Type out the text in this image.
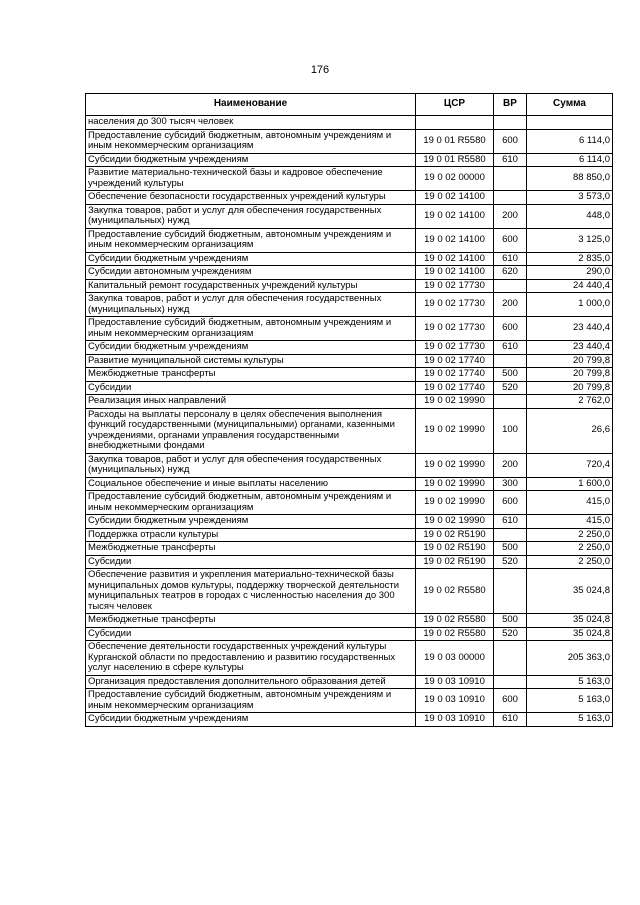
176
Наименование	ЦСР	ВР	Сумма
населения до 300 тысяч человек			
Предоставление субсидий бюджетным, автономным учреждениям и иным некоммерческим организациям	19 0 01 R5580	600	6 114,0
Субсидии бюджетным учреждениям	19 0 01 R5580	610	6 114,0
Развитие материально-технической базы и кадровое обеспечение учреждений культуры	19 0 02 00000		88 850,0
Обеспечение безопасности государственных учреждений культуры	19 0 02 14100		3 573,0
Закупка товаров, работ и услуг для обеспечения государственных (муниципальных) нужд	19 0 02 14100	200	448,0
Предоставление субсидий бюджетным, автономным учреждениям и иным некоммерческим организациям	19 0 02 14100	600	3 125,0
Субсидии бюджетным учреждениям	19 0 02 14100	610	2 835,0
Субсидии автономным учреждениям	19 0 02 14100	620	290,0
Капитальный ремонт государственных учреждений культуры	19 0 02 17730		24 440,4
Закупка товаров, работ и услуг для обеспечения государственных (муниципальных) нужд	19 0 02 17730	200	1 000,0
Предоставление субсидий бюджетным, автономным учреждениям и иным некоммерческим организациям	19 0 02 17730	600	23 440,4
Субсидии бюджетным учреждениям	19 0 02 17730	610	23 440,4
Развитие муниципальной системы культуры	19 0 02 17740		20 799,8
Межбюджетные трансферты	19 0 02 17740	500	20 799,8
Субсидии	19 0 02 17740	520	20 799,8
Реализация иных направлений	19 0 02 19990		2 762,0
Расходы на выплаты персоналу в целях обеспечения выполнения функций государственными (муниципальными) органами, казенными учреждениями, органами управления государственными внебюджетными фондами	19 0 02 19990	100	26,6
Закупка товаров, работ и услуг для обеспечения государственных (муниципальных) нужд	19 0 02 19990	200	720,4
Социальное обеспечение и иные выплаты населению	19 0 02 19990	300	1 600,0
Предоставление субсидий бюджетным, автономным учреждениям и иным некоммерческим организациям	19 0 02 19990	600	415,0
Субсидии бюджетным учреждениям	19 0 02 19990	610	415,0
Поддержка отрасли культуры	19 0 02 R5190		2 250,0
Межбюджетные трансферты	19 0 02 R5190	500	2 250,0
Субсидии	19 0 02 R5190	520	2 250,0
Обеспечение развития и укрепления материально-технической базы муниципальных домов культуры, поддержку творческой деятельности муниципальных театров в городах с численностью населения до 300 тысяч человек	19 0 02 R5580		35 024,8
Межбюджетные трансферты	19 0 02 R5580	500	35 024,8
Субсидии	19 0 02 R5580	520	35 024,8
Обеспечение деятельности государственных учреждений культуры Курганской области по предоставлению и развитию государственных услуг населению в сфере культуры	19 0 03 00000		205 363,0
Организация предоставления дополнительного образования детей	19 0 03 10910		5 163,0
Предоставление субсидий бюджетным, автономным учреждениям и иным некоммерческим организациям	19 0 03 10910	600	5 163,0
Субсидии бюджетным учреждениям	19 0 03 10910	610	5 163,0
